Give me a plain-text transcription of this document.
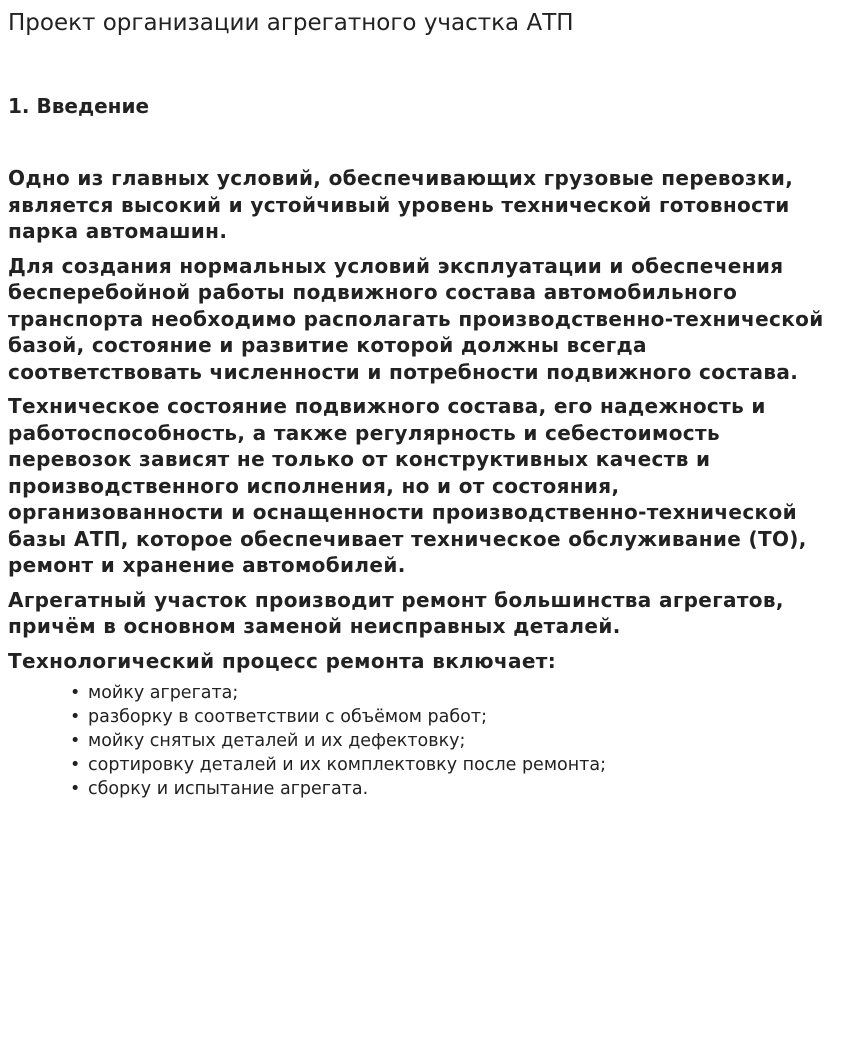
Проект организации агрегатного участка АТП
1. Введение

Одно из главных условий, обеспечивающих грузовые перевозки, является высокий и устойчивый уровень технической готовности парка автомашин.

Для создания нормальных условий эксплуатации и обеспечения бесперебойной работы подвижного состава автомобильного транспорта необходимо располагать производственно-технической базой, состояние и развитие которой должны всегда соответствовать численности и потребности подвижного состава.

Техническое состояние подвижного состава, его надежность и работоспособность, а также регулярность и себестоимость перевозок зависят не только от конструктивных качеств и производственного исполнения, но и от состояния, организованности и оснащенности производственно-технической базы АТП, которое обеспечивает техническое обслуживание (ТО), ремонт и хранение автомобилей.

Агрегатный участок производит ремонт большинства агрегатов, причём в основном заменой неисправных деталей.

Технологический процесс ремонта включает:

• мойку агрегата;
• разборку в соответствии с объёмом работ;
• мойку снятых деталей и их дефектовку;
• сортировку деталей и их комплектовку после ремонта;
• сборку и испытание агрегата.
